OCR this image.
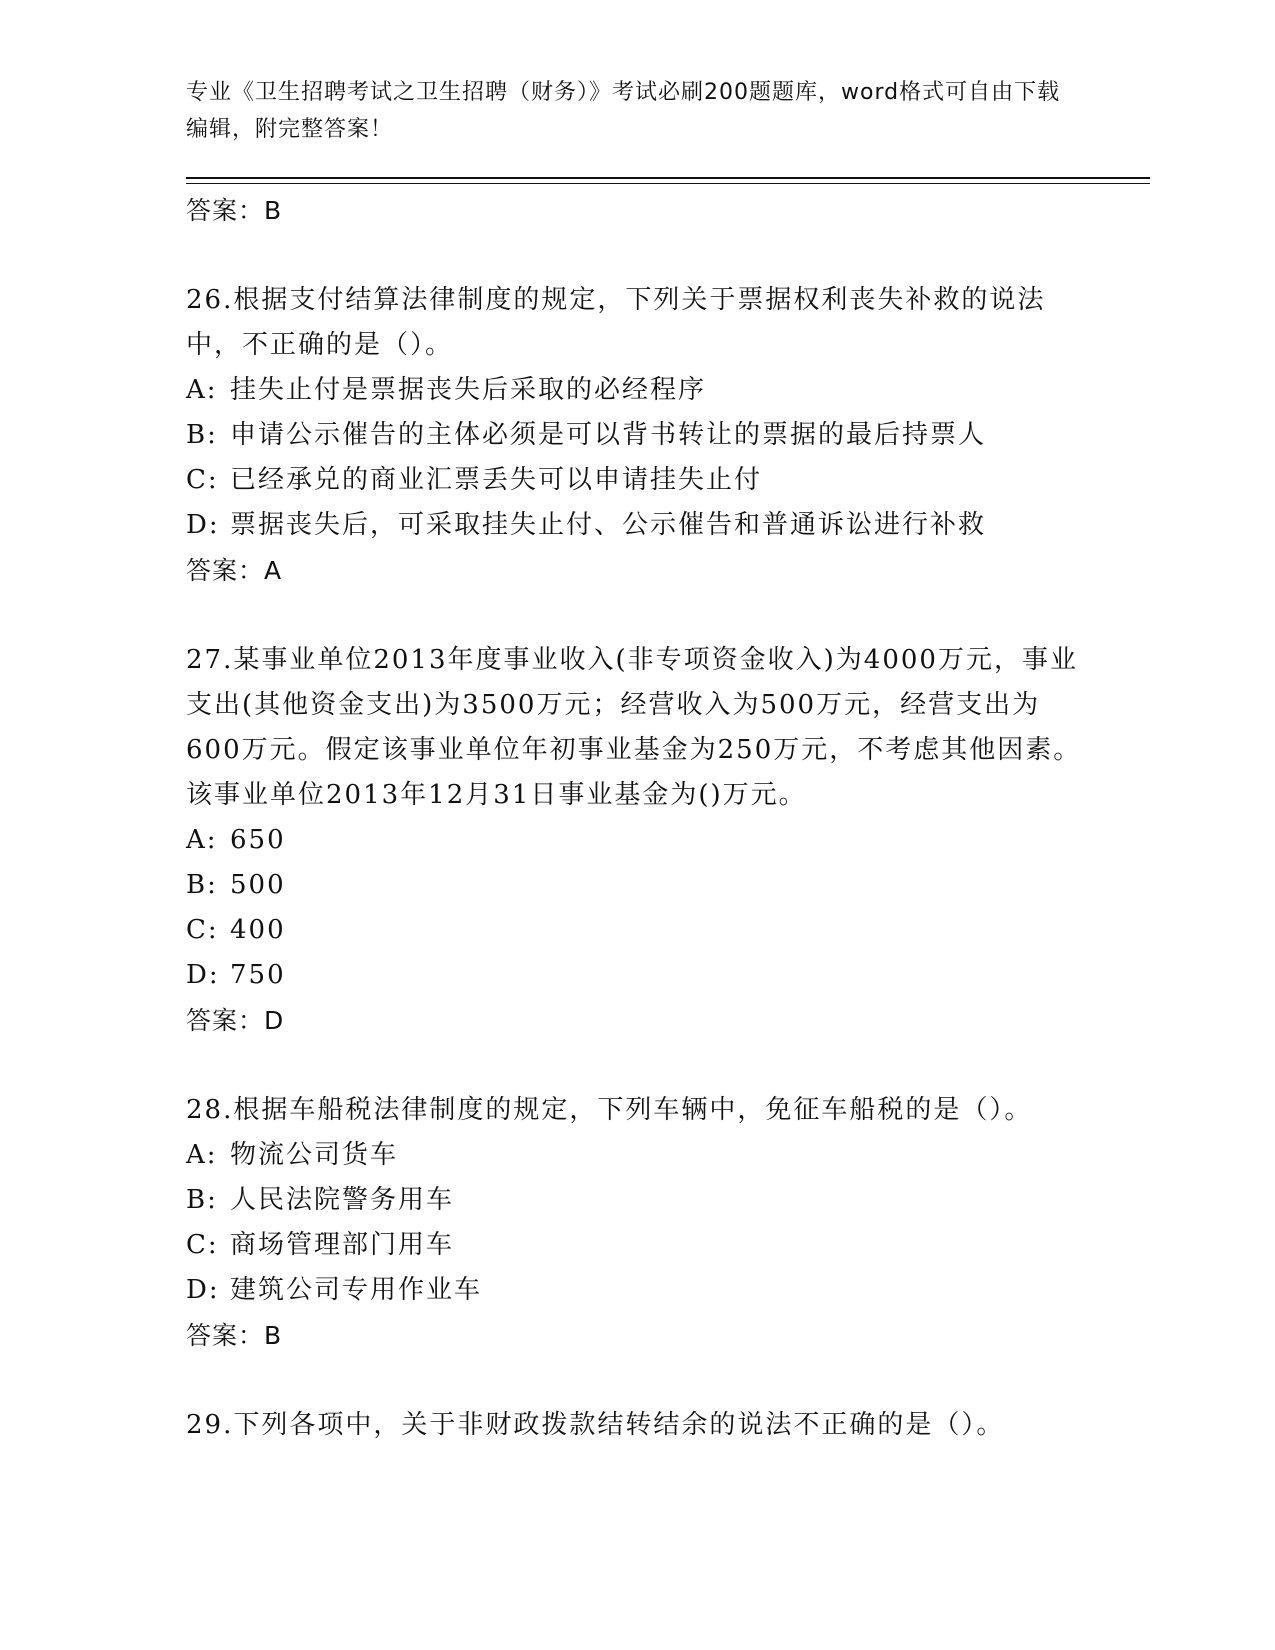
专业《卫生招聘考试之卫生招聘（财务）》考试必刷200题题库，word格式可自由下载编辑，附完整答案！

答案：B

26.根据支付结算法律制度的规定，下列关于票据权利丧失补救的说法中，不正确的是（）。

A: 挂失止付是票据丧失后采取的必经程序

B: 申请公示催告的主体必须是可以背书转让的票据的最后持票人

C: 已经承兑的商业汇票丢失可以申请挂失止付

D: 票据丧失后，可采取挂失止付、公示催告和普通诉讼进行补救

答案：A

27.某事业单位2013年度事业收入(非专项资金收入)为4000万元，事业支出(其他资金支出)为3500万元；经营收入为500万元，经营支出为600万元。假定该事业单位年初事业基金为250万元，不考虑其他因素。该事业单位2013年12月31日事业基金为()万元。

A: 650

B: 500

C: 400

D: 750

答案：D

28.根据车船税法律制度的规定，下列车辆中，免征车船税的是（）。

A: 物流公司货车

B: 人民法院警务用车

C: 商场管理部门用车

D: 建筑公司专用作业车

答案：B

29.下列各项中，关于非财政拨款结转结余的说法不正确的是（）。
